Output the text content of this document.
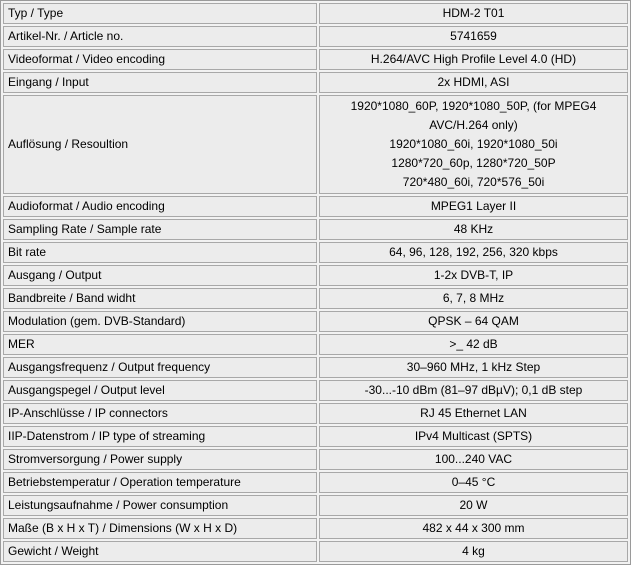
Typ / Type	HDM-2 T01
Artikel-Nr. / Article no.	5741659
Videoformat / Video encoding	H.264/AVC High Profile Level 4.0 (HD)
Eingang / Input	2x HDMI, ASI
Auflösung / Resoultion	1920*1080_60P, 1920*1080_50P, (for MPEG4
AVC/H.264 only)
1920*1080_60i, 1920*1080_50i
1280*720_60p, 1280*720_50P
720*480_60i, 720*576_50i

Audioformat / Audio encoding	MPEG1 Layer II
Sampling Rate / Sample rate	48 KHz
Bit rate	64, 96, 128, 192, 256, 320 kbps
Ausgang / Output	1-2x DVB-T, IP
Bandbreite / Band widht	6, 7, 8 MHz
Modulation (gem. DVB-Standard)	QPSK – 64 QAM
MER	>_ 42 dB
Ausgangsfrequenz / Output frequency	30–960 MHz, 1 kHz Step
Ausgangspegel / Output level	-30...-10 dBm (81–97 dBµV); 0,1 dB step
IP-Anschlüsse / IP connectors	RJ 45 Ethernet LAN
IIP-Datenstrom / IP type of streaming	IPv4 Multicast (SPTS)
Stromversorgung / Power supply	100...240 VAC
Betriebstemperatur / Operation temperature	0–45 °C
Leistungsaufnahme / Power consumption	20 W
Maße (B x H x T) / Dimensions (W x H x D)	482 x 44 x 300 mm
Gewicht / Weight	4 kg
